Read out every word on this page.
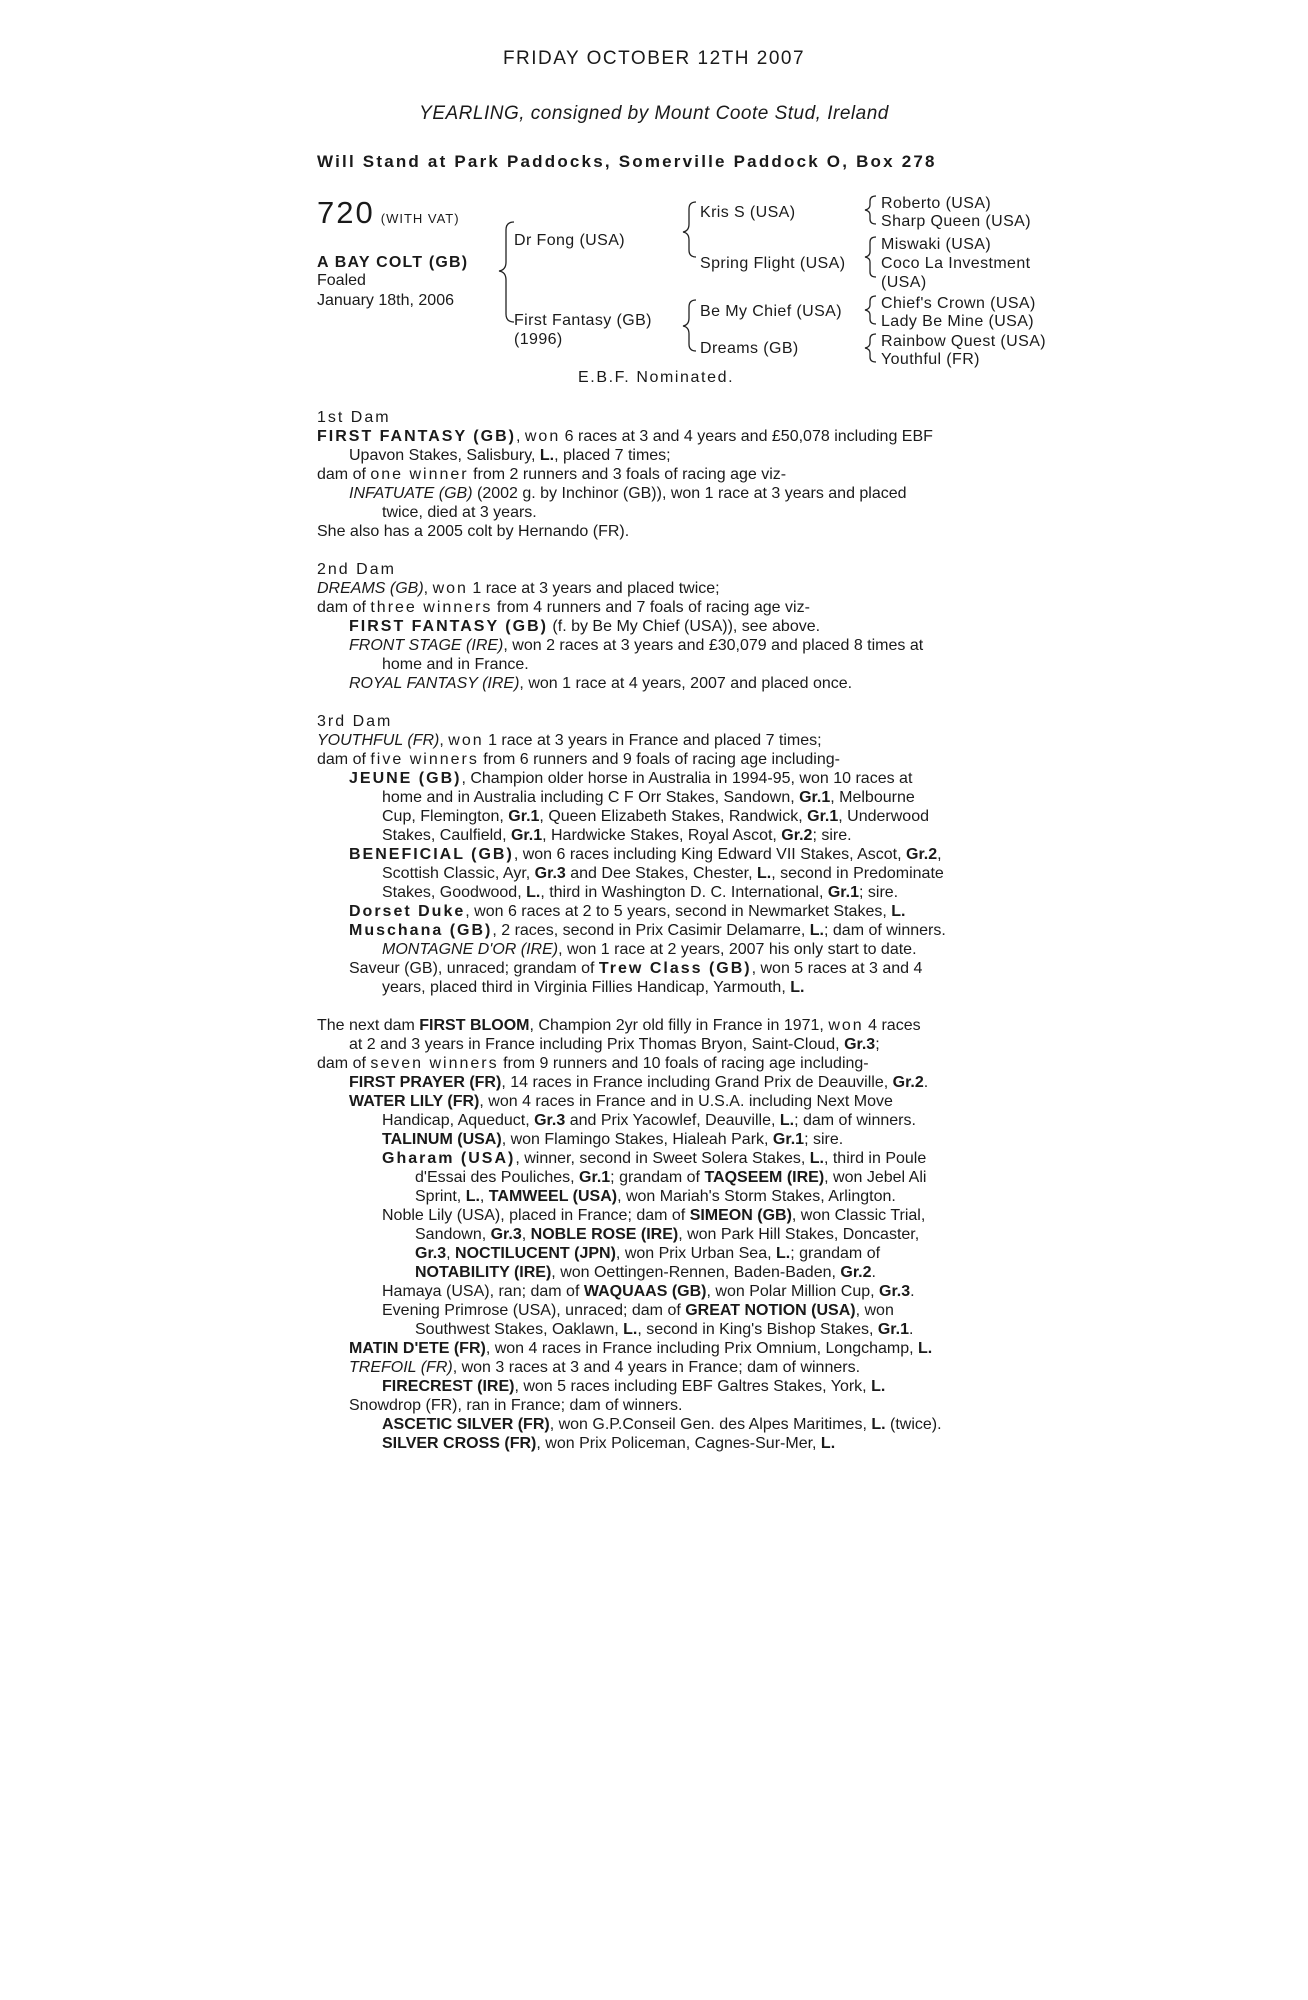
FRIDAY OCTOBER 12TH 2007
YEARLING, consigned by Mount Coote Stud, Ireland
Will Stand at Park Paddocks, Somerville Paddock O, Box 278
720 (WITH VAT)
A BAY COLT (GB)
Foaled
January 18th, 2006
Dr Fong (USA)
First Fantasy (GB)
(1996)
Kris S (USA)
Spring Flight (USA)
Be My Chief (USA)
Dreams (GB)
Roberto (USA)
Sharp Queen (USA)
Miswaki (USA)
Coco La Investment
(USA)
Chief's Crown (USA)
Lady Be Mine (USA)
Rainbow Quest (USA)
Youthful (FR)
E.B.F. Nominated.
1st Dam
FIRST FANTASY (GB), won 6 races at 3 and 4 years and £50,078 including EBF
Upavon Stakes, Salisbury, L., placed 7 times;
dam of one winner from 2 runners and 3 foals of racing age viz-
INFATUATE (GB) (2002 g. by Inchinor (GB)), won 1 race at 3 years and placed
twice, died at 3 years.
She also has a 2005 colt by Hernando (FR).
2nd Dam
DREAMS (GB), won 1 race at 3 years and placed twice;
dam of three winners from 4 runners and 7 foals of racing age viz-
FIRST FANTASY (GB) (f. by Be My Chief (USA)), see above.
FRONT STAGE (IRE), won 2 races at 3 years and £30,079 and placed 8 times at
home and in France.
ROYAL FANTASY (IRE), won 1 race at 4 years, 2007 and placed once.
3rd Dam
YOUTHFUL (FR), won 1 race at 3 years in France and placed 7 times;
dam of five winners from 6 runners and 9 foals of racing age including-
JEUNE (GB), Champion older horse in Australia in 1994-95, won 10 races at
home and in Australia including C F Orr Stakes, Sandown, Gr.1, Melbourne
Cup, Flemington, Gr.1, Queen Elizabeth Stakes, Randwick, Gr.1, Underwood
Stakes, Caulfield, Gr.1, Hardwicke Stakes, Royal Ascot, Gr.2; sire.
BENEFICIAL (GB), won 6 races including King Edward VII Stakes, Ascot, Gr.2,
Scottish Classic, Ayr, Gr.3 and Dee Stakes, Chester, L., second in Predominate
Stakes, Goodwood, L., third in Washington D. C. International, Gr.1; sire.
Dorset Duke, won 6 races at 2 to 5 years, second in Newmarket Stakes, L.
Muschana (GB), 2 races, second in Prix Casimir Delamarre, L.; dam of winners.
MONTAGNE D'OR (IRE), won 1 race at 2 years, 2007 his only start to date.
Saveur (GB), unraced; grandam of Trew Class (GB), won 5 races at 3 and 4
years, placed third in Virginia Fillies Handicap, Yarmouth, L.
The next dam FIRST BLOOM, Champion 2yr old filly in France in 1971, won 4 races
at 2 and 3 years in France including Prix Thomas Bryon, Saint-Cloud, Gr.3;
dam of seven winners from 9 runners and 10 foals of racing age including-
FIRST PRAYER (FR), 14 races in France including Grand Prix de Deauville, Gr.2.
WATER LILY (FR), won 4 races in France and in U.S.A. including Next Move
Handicap, Aqueduct, Gr.3 and Prix Yacowlef, Deauville, L.; dam of winners.
TALINUM (USA), won Flamingo Stakes, Hialeah Park, Gr.1; sire.
Gharam (USA), winner, second in Sweet Solera Stakes, L., third in Poule
d'Essai des Pouliches, Gr.1; grandam of TAQSEEM (IRE), won Jebel Ali
Sprint, L., TAMWEEL (USA), won Mariah's Storm Stakes, Arlington.
Noble Lily (USA), placed in France; dam of SIMEON (GB), won Classic Trial,
Sandown, Gr.3, NOBLE ROSE (IRE), won Park Hill Stakes, Doncaster,
Gr.3, NOCTILUCENT (JPN), won Prix Urban Sea, L.; grandam of
NOTABILITY (IRE), won Oettingen-Rennen, Baden-Baden, Gr.2.
Hamaya (USA), ran; dam of WAQUAAS (GB), won Polar Million Cup, Gr.3.
Evening Primrose (USA), unraced; dam of GREAT NOTION (USA), won
Southwest Stakes, Oaklawn, L., second in King's Bishop Stakes, Gr.1.
MATIN D'ETE (FR), won 4 races in France including Prix Omnium, Longchamp, L.
TREFOIL (FR), won 3 races at 3 and 4 years in France; dam of winners.
FIRECREST (IRE), won 5 races including EBF Galtres Stakes, York, L.
Snowdrop (FR), ran in France; dam of winners.
ASCETIC SILVER (FR), won G.P.Conseil Gen. des Alpes Maritimes, L. (twice).
SILVER CROSS (FR), won Prix Policeman, Cagnes-Sur-Mer, L.
